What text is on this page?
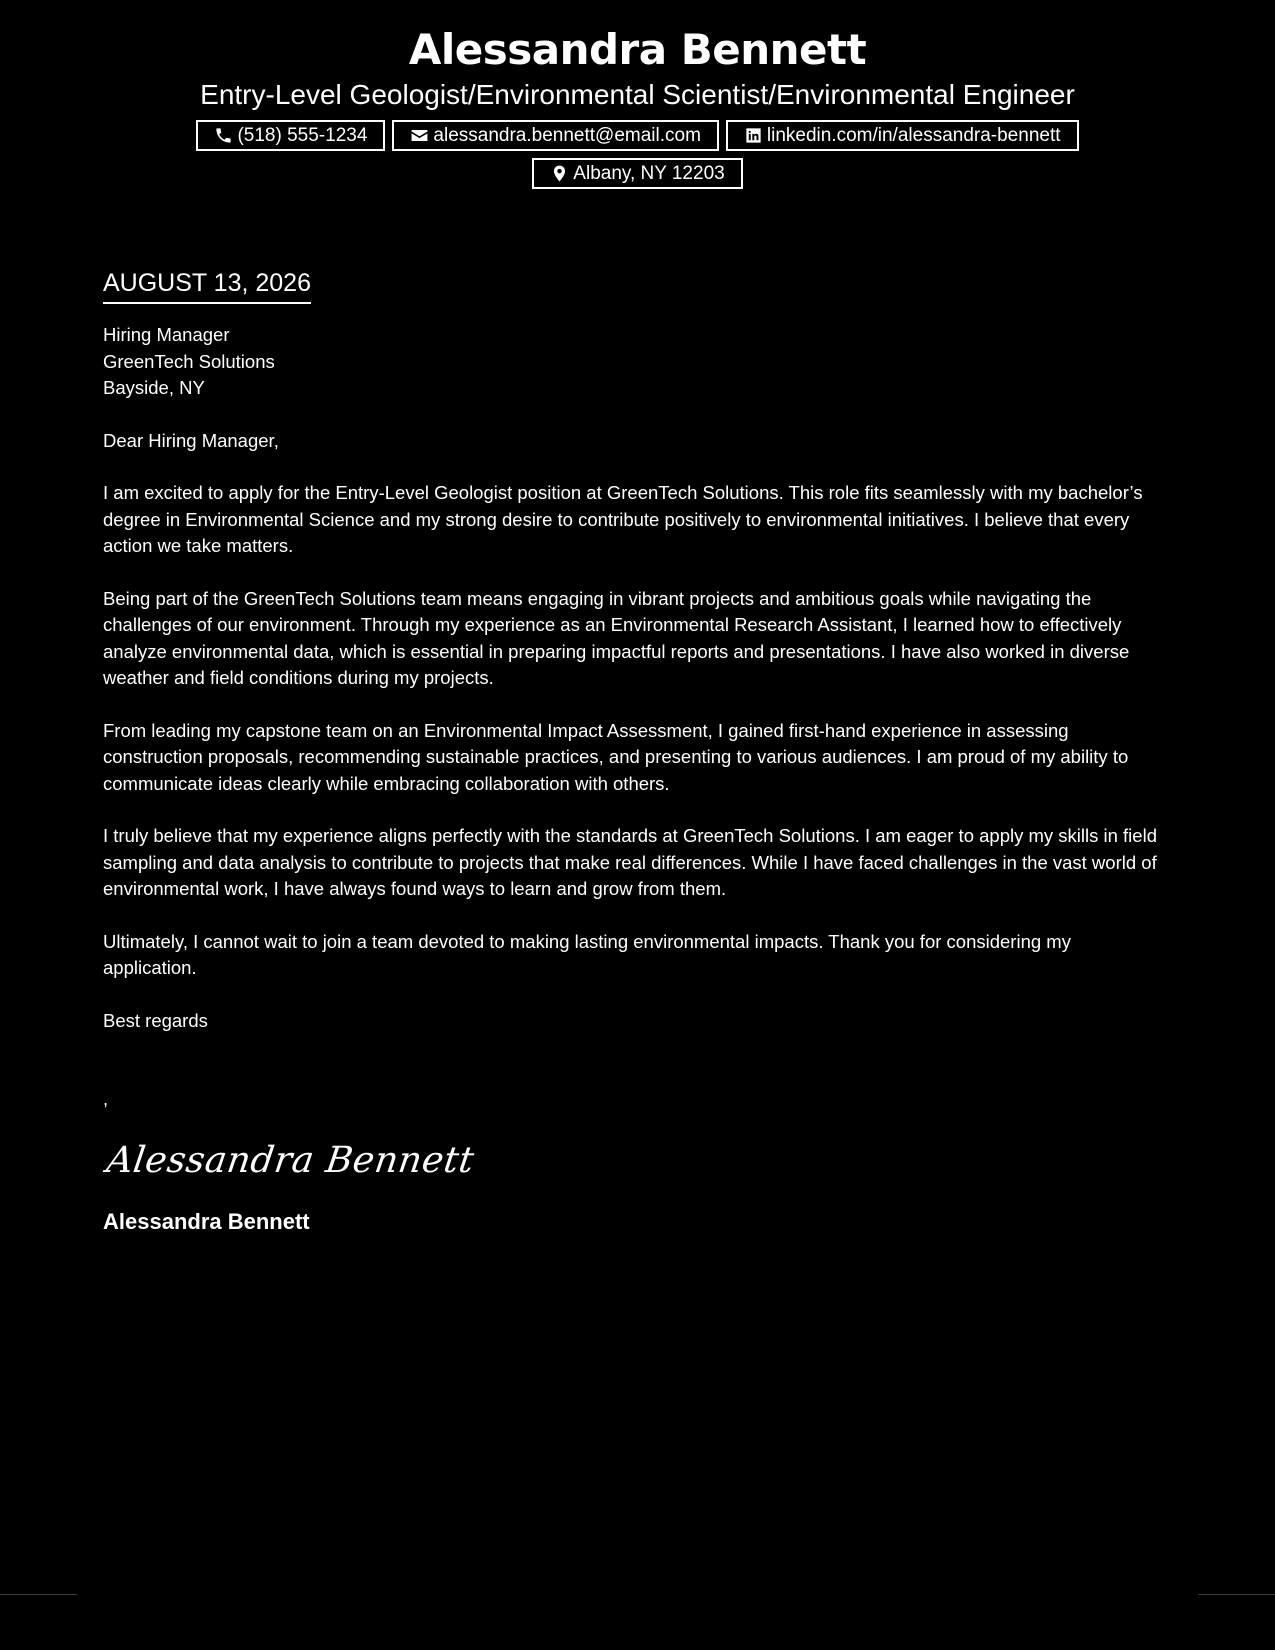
Alessandra Bennett
Entry-Level Geologist/Environmental Scientist/Environmental Engineer
(518) 555-1234	alessandra.bennett@email.com	linkedin.com/in/alessandra-bennett
Albany, NY 12203
AUGUST 13, 2026
Hiring Manager
GreenTech Solutions
Bayside, NY
Dear Hiring Manager,

I am excited to apply for the Entry-Level Geologist position at GreenTech Solutions. This role fits seamlessly with my bachelor’s degree in Environmental Science and my strong desire to contribute positively to environmental initiatives. I believe that every action we take matters.

Being part of the GreenTech Solutions team means engaging in vibrant projects and ambitious goals while navigating the challenges of our environment. Through my experience as an Environmental Research Assistant, I learned how to effectively analyze environmental data, which is essential in preparing impactful reports and presentations. I have also worked in diverse weather and field conditions during my projects.

From leading my capstone team on an Environmental Impact Assessment, I gained first-hand experience in assessing construction proposals, recommending sustainable practices, and presenting to various audiences. I am proud of my ability to communicate ideas clearly while embracing collaboration with others.

I truly believe that my experience aligns perfectly with the standards at GreenTech Solutions. I am eager to apply my skills in field sampling and data analysis to contribute to projects that make real differences. While I have faced challenges in the vast world of environmental work, I have always found ways to learn and grow from them.

Ultimately, I cannot wait to join a team devoted to making lasting environmental impacts. Thank you for considering my application.

Best regards
,
Alessandra Bennett
Alessandra Bennett
